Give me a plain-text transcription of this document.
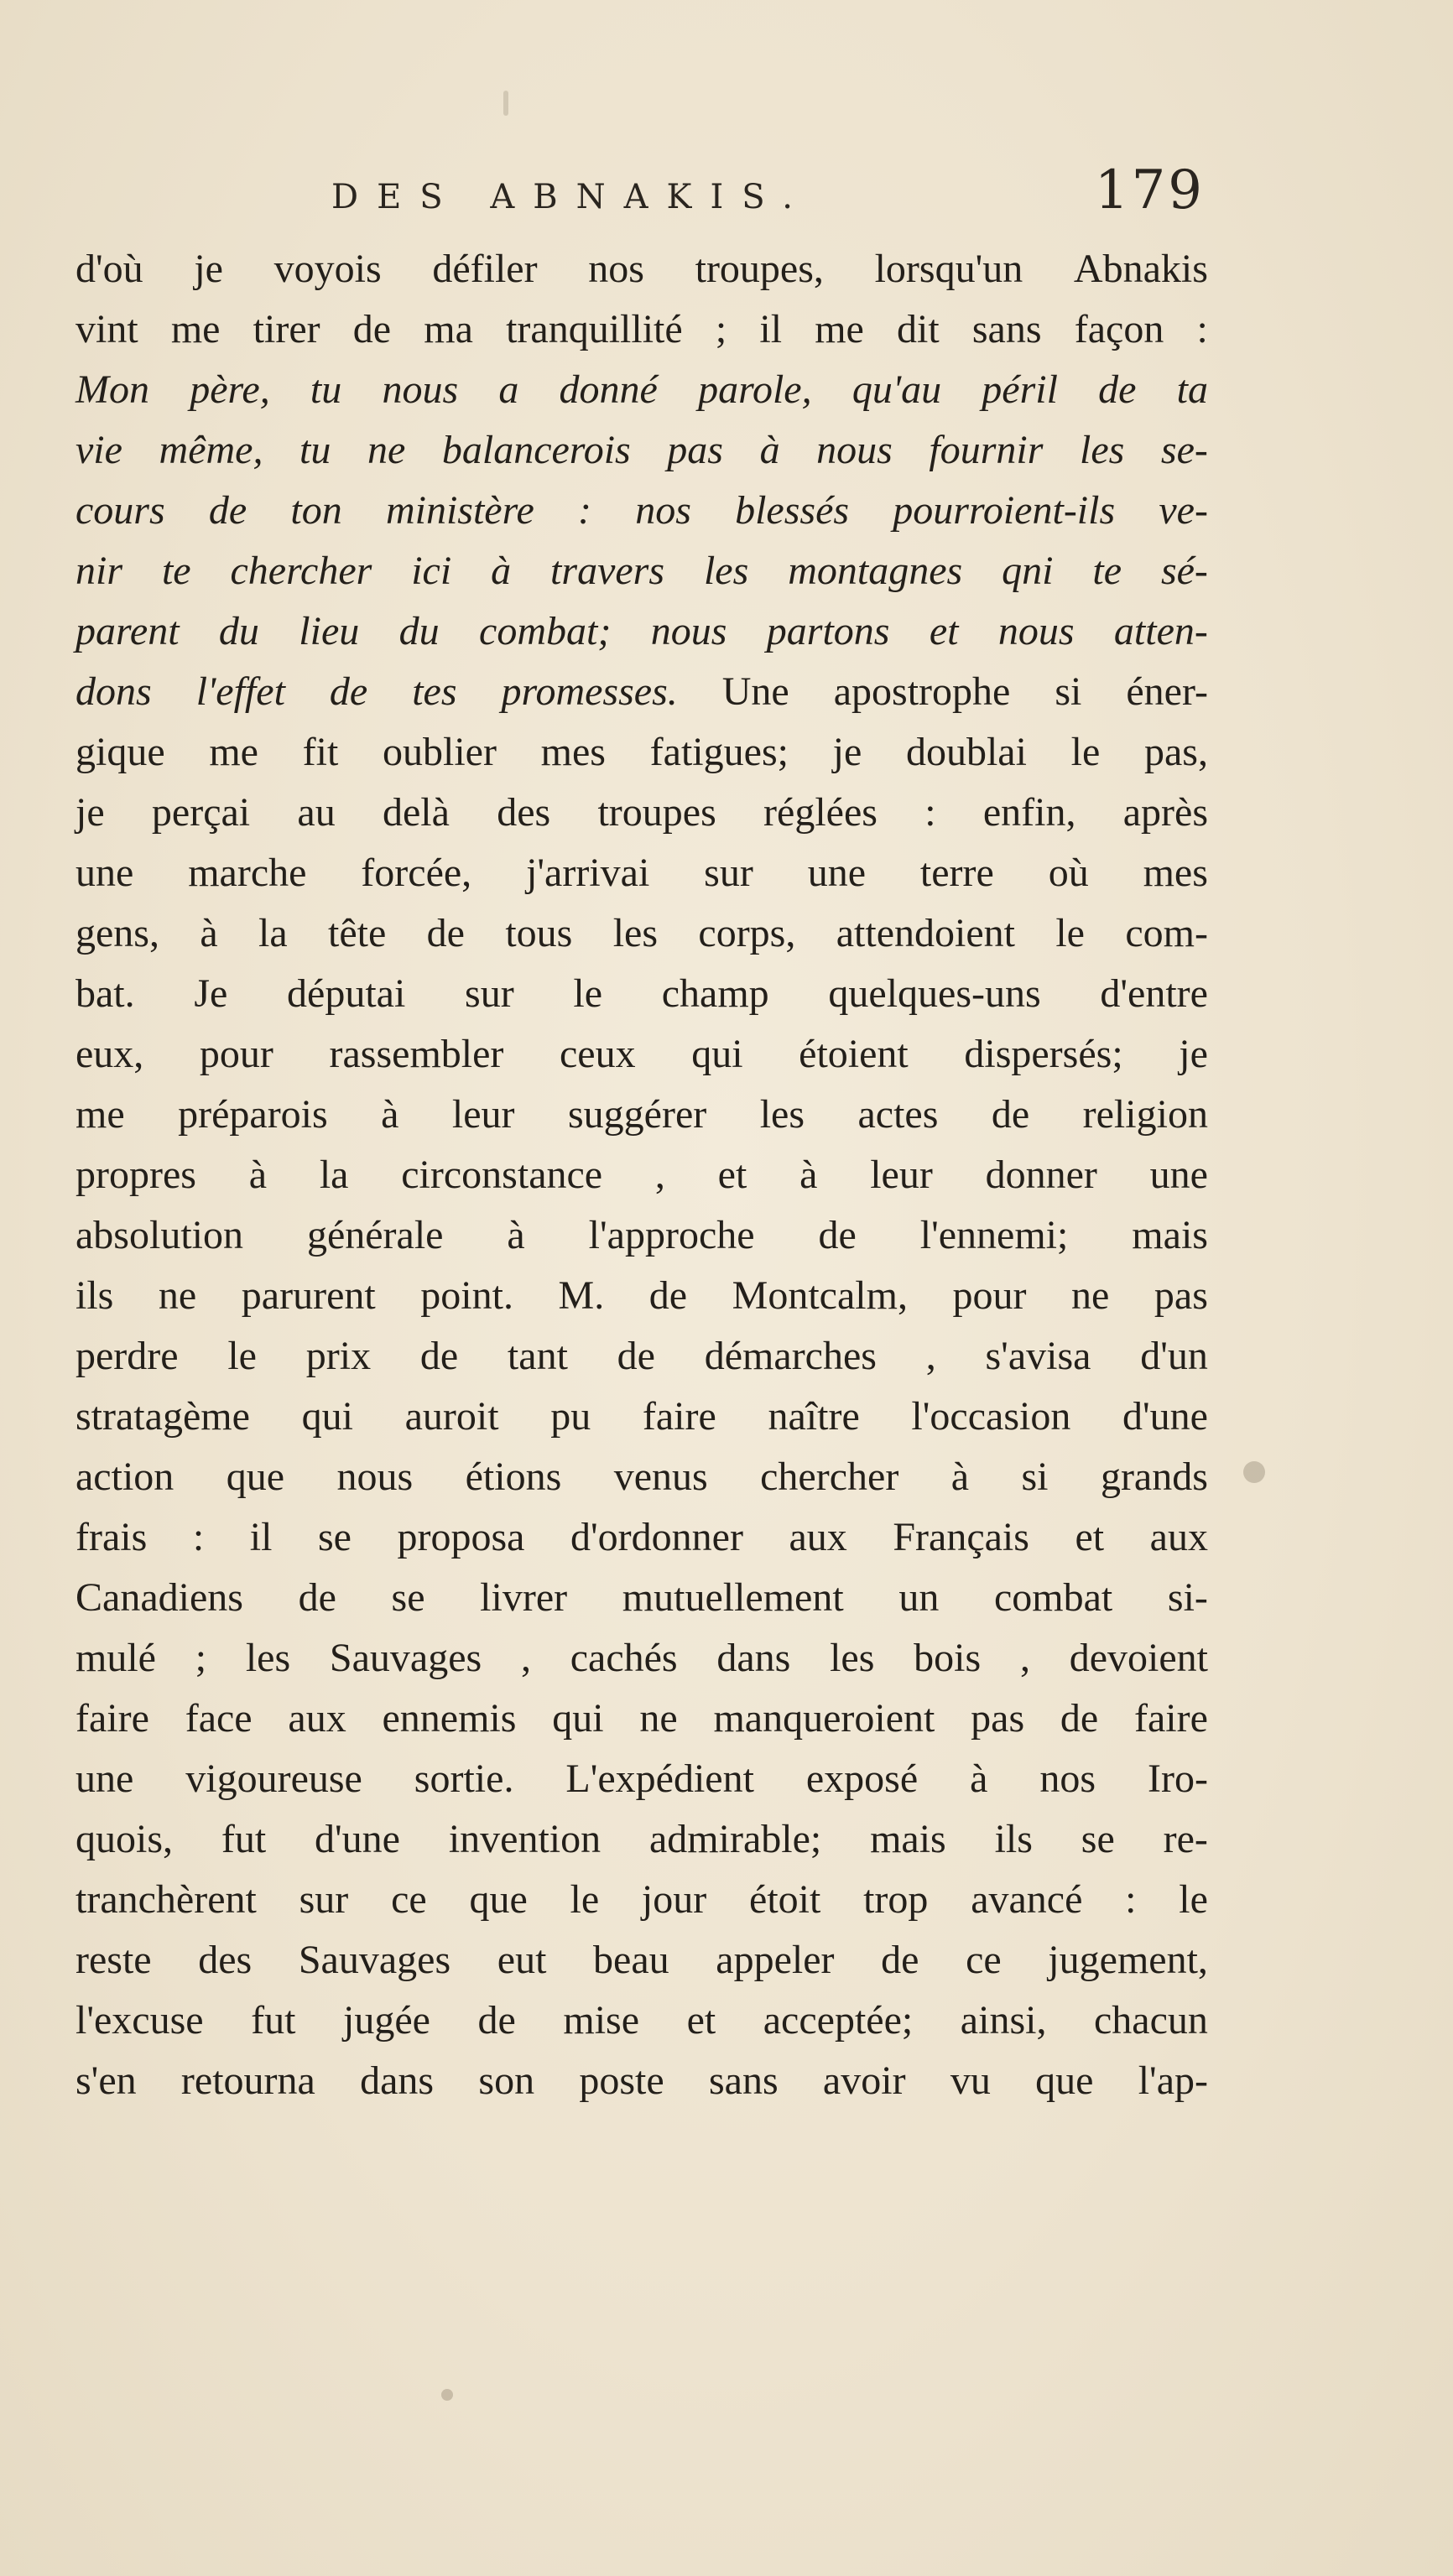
DES ABNAKIS.	179
d'où je voyois défiler nos troupes, lorsqu'un Abnakis
vint me tirer de ma tranquillité ; il me dit sans façon :
Mon père, tu nous a donné parole, qu'au péril de ta
vie même, tu ne balancerois pas à nous fournir les se-
cours de ton ministère : nos blessés pourroient-ils ve-
nir te chercher ici à travers les montagnes qni te sé-
parent du lieu du combat; nous partons et nous atten-
dons l'effet de tes promesses. Une apostrophe si éner-
gique me fit oublier mes fatigues; je doublai le pas,
je perçai au delà des troupes réglées : enfin, après
une marche forcée, j'arrivai sur une terre où mes
gens, à la tête de tous les corps, attendoient le com-
bat. Je députai sur le champ quelques-uns d'entre
eux, pour rassembler ceux qui étoient dispersés; je
me préparois à leur suggérer les actes de religion
propres à la circonstance , et à leur donner une
absolution générale à l'approche de l'ennemi; mais
ils ne parurent point. M. de Montcalm, pour ne pas
perdre le prix de tant de démarches , s'avisa d'un
stratagème qui auroit pu faire naître l'occasion d'une
action que nous étions venus chercher à si grands
frais : il se proposa d'ordonner aux Français et aux
Canadiens de se livrer mutuellement un combat si-
mulé ; les Sauvages , cachés dans les bois , devoient
faire face aux ennemis qui ne manqueroient pas de faire
une vigoureuse sortie. L'expédient exposé à nos Iro-
quois, fut d'une invention admirable; mais ils se re-
tranchèrent sur ce que le jour étoit trop avancé : le
reste des Sauvages eut beau appeler de ce jugement,
l'excuse fut jugée de mise et acceptée; ainsi, chacun
s'en retourna dans son poste sans avoir vu que l'ap-
